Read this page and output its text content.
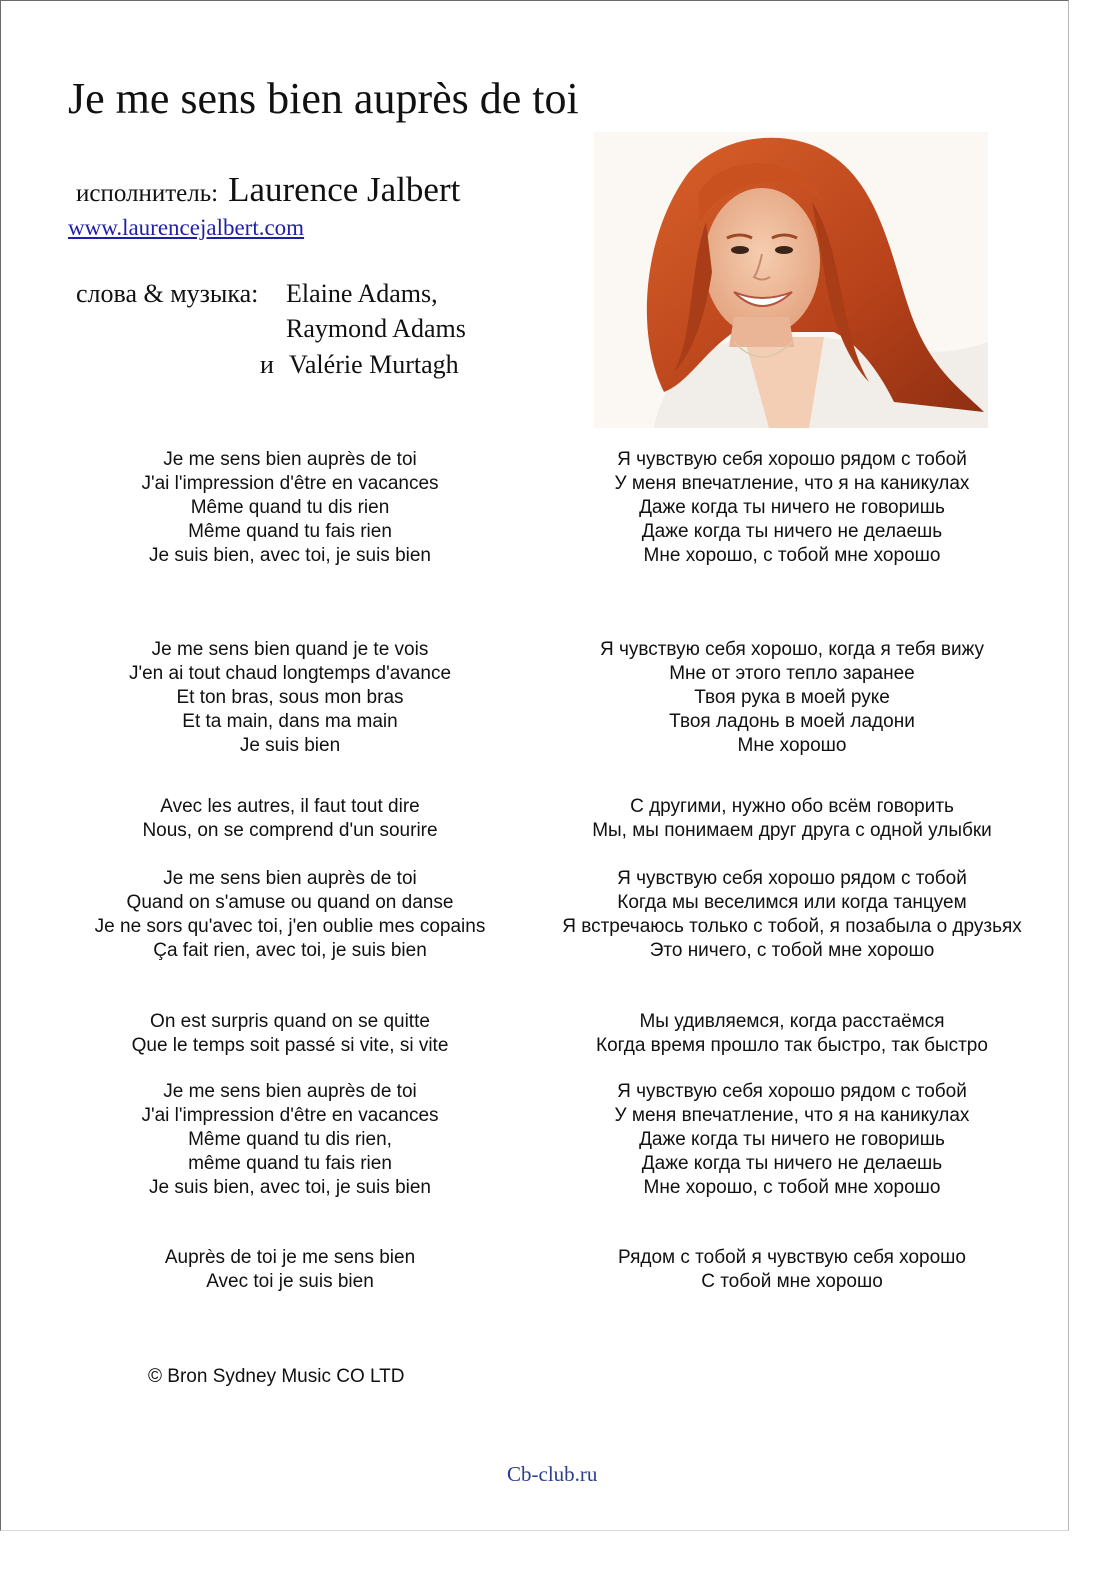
Je me sens bien auprès de toi
исполнитель: Laurence Jalbert
www.laurencejalbert.com
слова & музыка: Elaine Adams,
Raymond Adams
и Valérie Murtagh
Je me sens bien auprès de toi
J'ai l'impression d'être en vacances
Même quand tu dis rien
Même quand tu fais rien
Je suis bien, avec toi, je suis bien
Я чувствую себя хорошо рядом с тобой
У меня впечатление, что я на каникулах
Даже когда ты ничего не говоришь
Даже когда ты ничего не делаешь
Мне хорошо, с тобой мне хорошо
Je me sens bien quand je te vois
J'en ai tout chaud longtemps d'avance
Et ton bras, sous mon bras
Et ta main, dans ma main
Je suis bien
Я чувствую себя хорошо, когда я тебя вижу
Мне от этого тепло заранее
Твоя рука в моей руке
Твоя ладонь в моей ладони
Мне хорошо
Avec les autres, il faut tout dire
Nous, on se comprend d'un sourire
С другими, нужно обо всём говорить
Мы, мы понимаем друг друга с одной улыбки
Je me sens bien auprès de toi
Quand on s'amuse ou quand on danse
Je ne sors qu'avec toi, j'en oublie mes copains
Ça fait rien, avec toi, je suis bien
Я чувствую себя хорошо рядом с тобой
Когда мы веселимся или когда танцуем
Я встречаюсь только с тобой, я позабыла о друзьях
Это ничего, с тобой мне хорошо
On est surpris quand on se quitte
Que le temps soit passé si vite, si vite
Мы удивляемся, когда расстаёмся
Когда время прошло так быстро, так быстро
Je me sens bien auprès de toi
J'ai l'impression d'être en vacances
Même quand tu dis rien,
même quand tu fais rien
Je suis bien, avec toi, je suis bien
Я чувствую себя хорошо рядом с тобой
У меня впечатление, что я на каникулах
Даже когда ты ничего не говоришь
Даже когда ты ничего не делаешь
Мне хорошо, с тобой мне хорошо
Auprès de toi je me sens bien
Avec toi je suis bien
Рядом с тобой я чувствую себя хорошо
С тобой мне хорошо
© Bron Sydney Music CO LTD
Cb-club.ru
